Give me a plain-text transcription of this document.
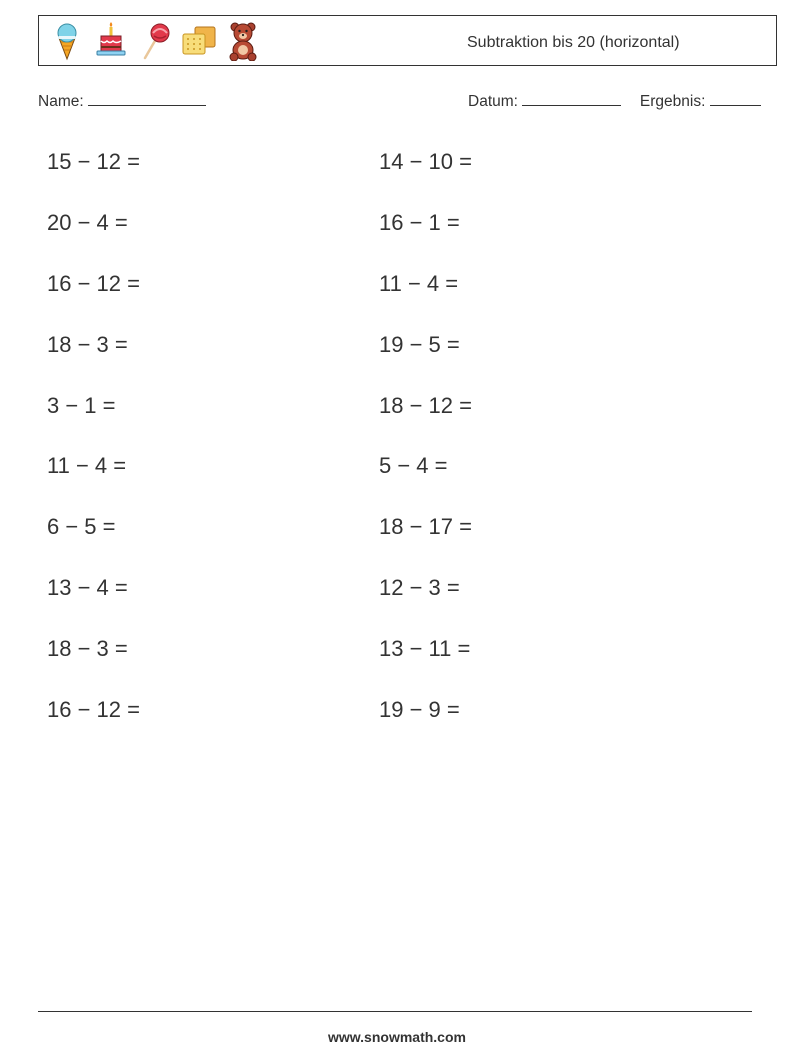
Subtraktion bis 20 (horizontal)
Name:	Datum:	Ergebnis:
15 − 12 =	14 − 10 =
20 − 4 =	16 − 1 =
16 − 12 =	11 − 4 =
18 − 3 =	19 − 5 =
3 − 1 =	18 − 12 =
11 − 4 =	5 − 4 =
6 − 5 =	18 − 17 =
13 − 4 =	12 − 3 =
18 − 3 =	13 − 11 =
16 − 12 =	19 − 9 =
www.snowmath.com
